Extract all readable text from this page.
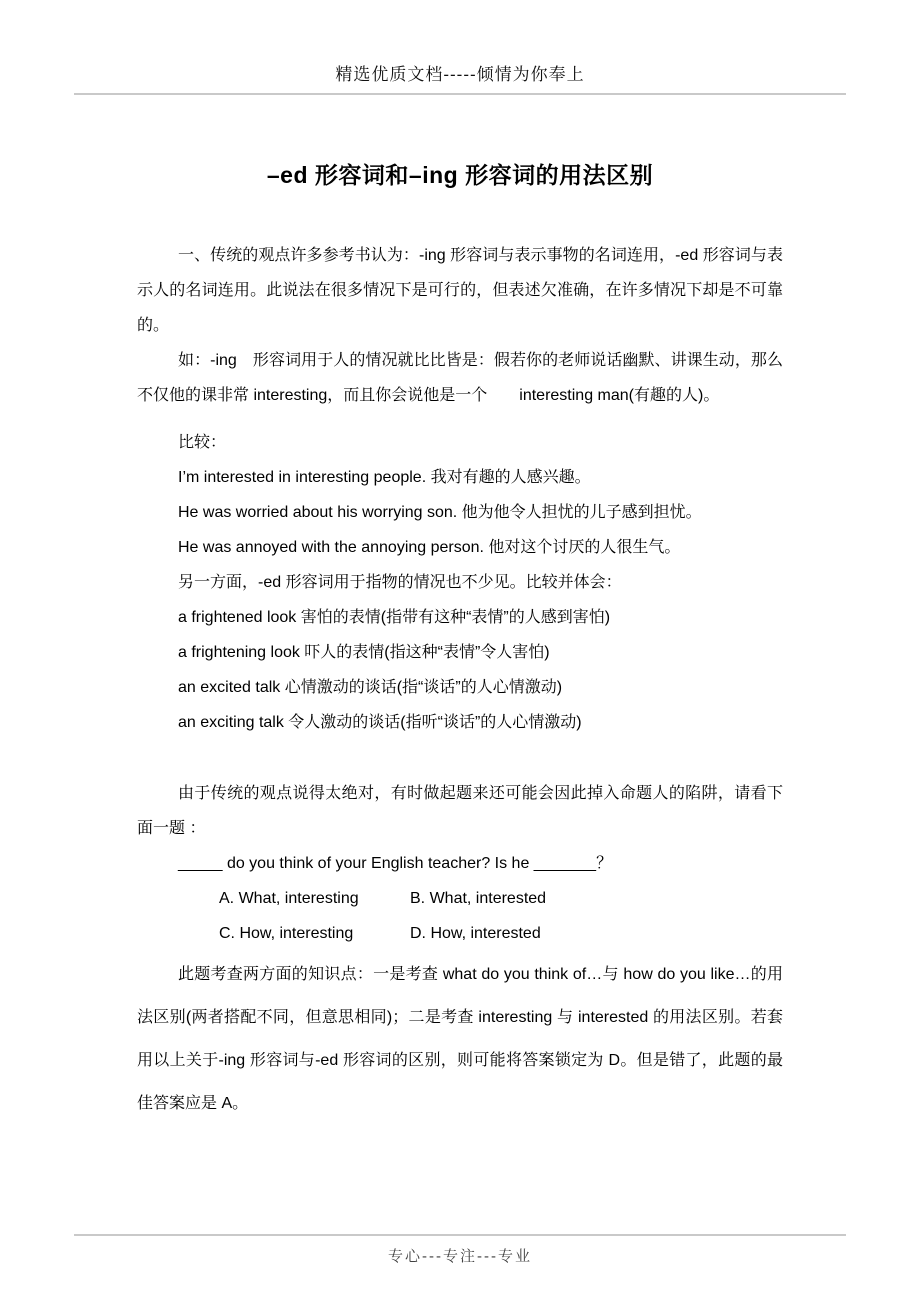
精选优质文档-----倾情为你奉上
–ed 形容词和–ing 形容词的用法区别

一、传统的观点许多参考书认为：-ing 形容词与表示事物的名词连用，-ed 形容词与表示人的名词连用。此说法在很多情况下是可行的，但表述欠准确，在许多情况下却是不可靠的。

如：-ing　形容词用于人的情况就比比皆是：假若你的老师说话幽默、讲课生动，那么不仅他的课非常 interesting，而且你会说他是一个　　interesting man(有趣的人)。

比较：

I’m interested in interesting people. 我对有趣的人感兴趣。

He was worried about his worrying son. 他为他令人担忧的儿子感到担忧。

He was annoyed with the annoying person. 他对这个讨厌的人很生气。

另一方面，-ed 形容词用于指物的情况也不少见。比较并体会：

a frightened look 害怕的表情(指带有这种“表情”的人感到害怕)

a frightening look 吓人的表情(指这种“表情”令人害怕)

an excited talk 心情激动的谈话(指“谈话”的人心情激动)

an exciting talk 令人激动的谈话(指听“谈话”的人心情激动)

由于传统的观点说得太绝对，有时做起题来还可能会因此掉入命题人的陷阱，请看下面一题 ：

_____ do you think of your English teacher? Is he _______？

A. What, interesting	B. What, interested

C. How, interesting	D. How, interested

此题考查两方面的知识点：一是考查 what do you think of…与 how do you like…的用法区别(两者搭配不同，但意思相同)；二是考查 interesting 与 interested 的用法区别。若套用以上关于-ing 形容词与-ed 形容词的区别，则可能将答案锁定为 D。但是错了，此题的最佳答案应是 A。

专心---专注---专业
